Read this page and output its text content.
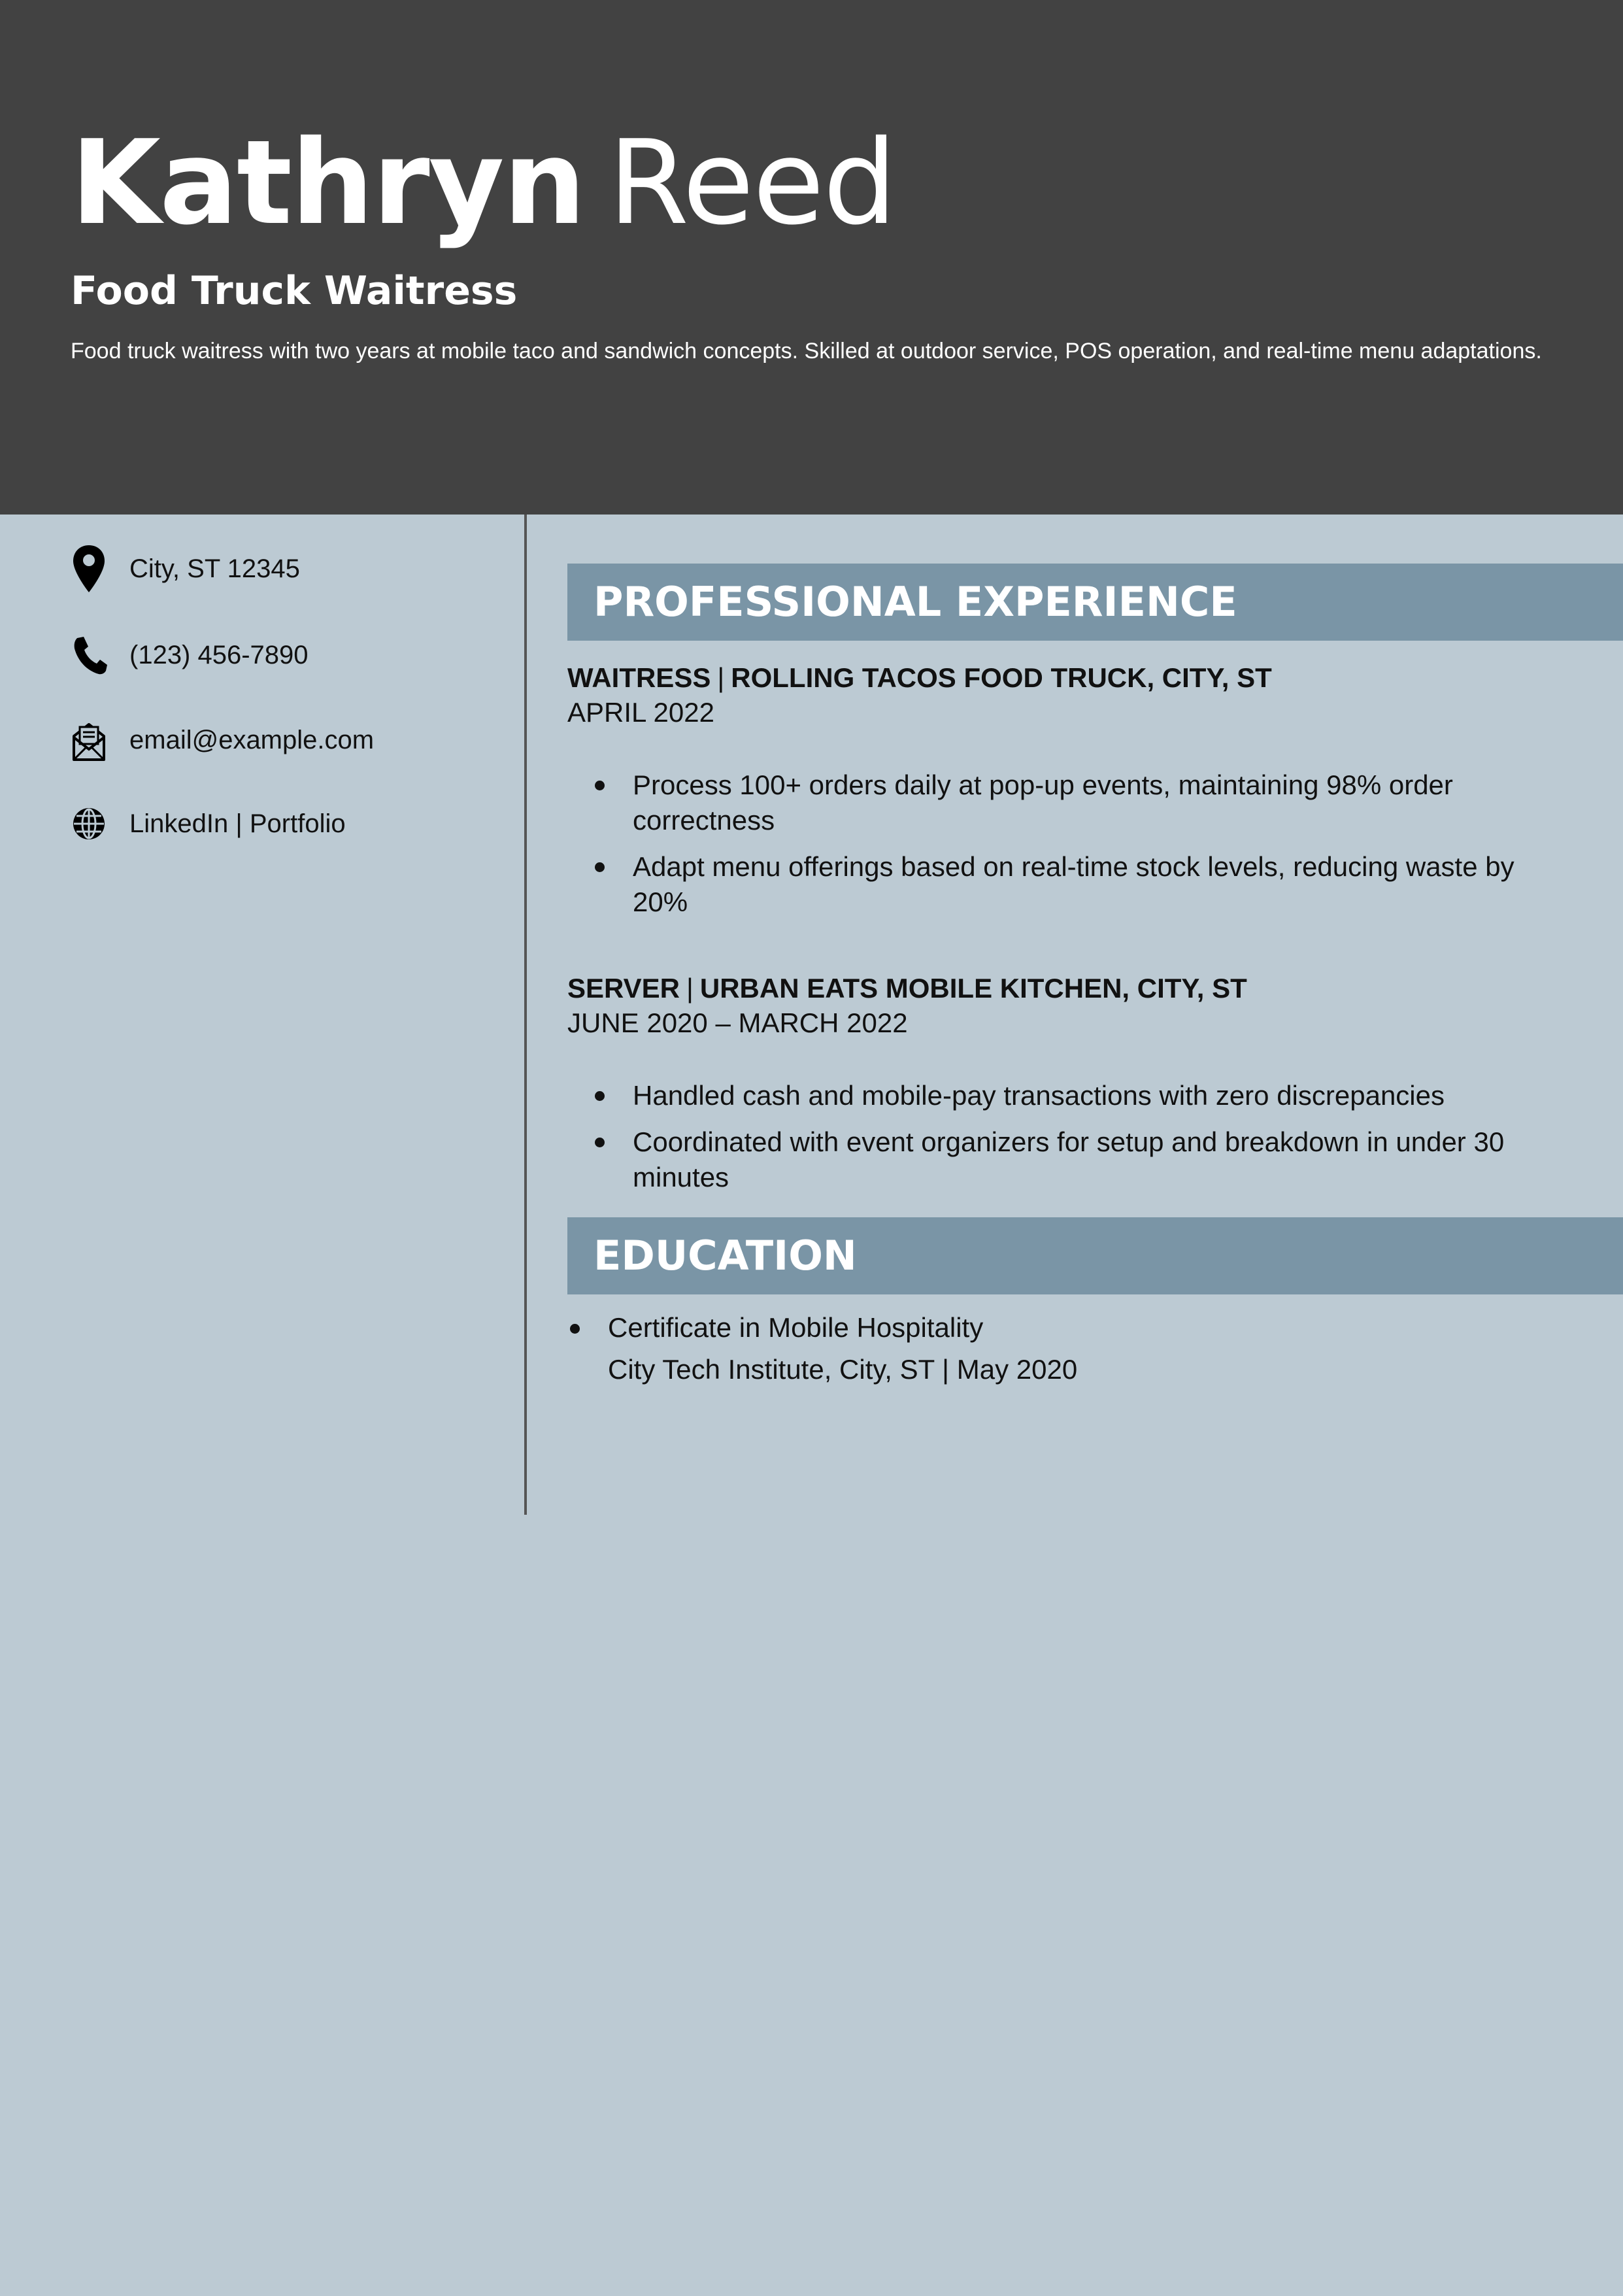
Kathryn Reed
Food Truck Waitress
Food truck waitress with two years at mobile taco and sandwich concepts. Skilled at outdoor service, POS operation, and real-time menu adaptations.
City, ST 12345
(123) 456-7890
email@example.com
LinkedIn | Portfolio
PROFESSIONAL EXPERIENCE
WAITRESS | ROLLING TACOS FOOD TRUCK, CITY, ST
APRIL 2022
Process 100+ orders daily at pop-up events, maintaining 98% order correctness
Adapt menu offerings based on real-time stock levels, reducing waste by 20%
SERVER | URBAN EATS MOBILE KITCHEN, CITY, ST
JUNE 2020 – MARCH 2022
Handled cash and mobile-pay transactions with zero discrepancies
Coordinated with event organizers for setup and breakdown in under 30 minutes
EDUCATION
Certificate in Mobile Hospitality
City Tech Institute, City, ST | May 2020
